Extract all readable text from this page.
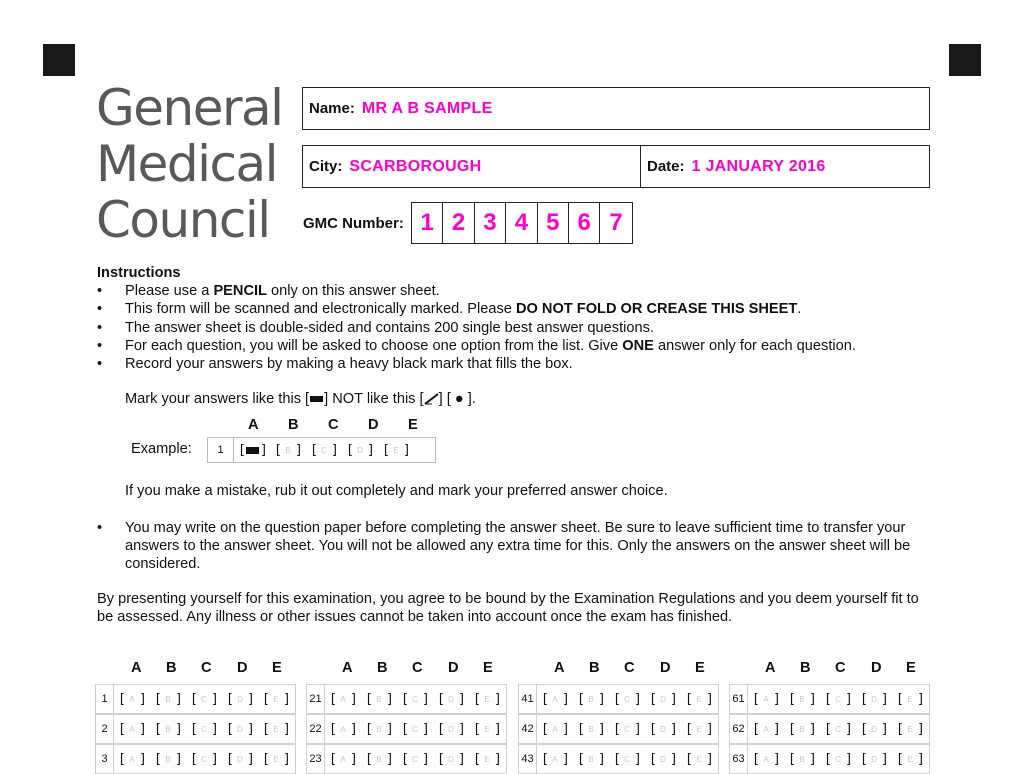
General
Medical
Council
Name: MR A B SAMPLE
City: SCARBOROUGH	Date: 1 JANUARY 2016
GMC Number: 1 2 3 4 5 6 7
Instructions
• Please use a PENCIL only on this answer sheet.
• This form will be scanned and electronically marked. Please DO NOT FOLD OR CREASE THIS SHEET.
• The answer sheet is double-sided and contains 200 single best answer questions.
• For each question, you will be asked to choose one option from the list. Give ONE answer only for each question.
• Record your answers by making a heavy black mark that fills the box.
Mark your answers like this [ ] NOT like this [ ] [ ● ].
If you make a mistake, rub it out completely and mark your preferred answer choice.
• You may write on the question paper before completing the answer sheet. Be sure to leave sufficient time to transfer your answers to the answer sheet. You will not be allowed any extra time for this. Only the answers on the answer sheet will be considered.
By presenting yourself for this examination, you agree to be bound by the Examination Regulations and you deem yourself fit to be assessed. Any illness or other issues cannot be taken into account once the exam has finished.
A B C D E
Example:	1	[ ] [ B ] [ C ] [ D ] [ E ]
A B C D E
1 [ A ] [ B ] [ C ] [ D ] [ E ]
2 [ A ] [ B ] [ C ] [ D ] [ E ]
3 [ A ] [ B ] [ C ] [ D ] [ E ]
A B C D E
21 [ A ] [ B ] [ C ] [ D ] [ E ]
22 [ A ] [ B ] [ C ] [ D ] [ E ]
23 [ A ] [ B ] [ C ] [ D ] [ E ]
A B C D E
41 [ A ] [ B ] [ C ] [ D ] [ E ]
42 [ A ] [ B ] [ C ] [ D ] [ E ]
43 [ A ] [ B ] [ C ] [ D ] [ E ]
A B C D E
61 [ A ] [ B ] [ C ] [ D ] [ E ]
62 [ A ] [ B ] [ C ] [ D ] [ E ]
63 [ A ] [ B ] [ C ] [ D ] [ E ]
